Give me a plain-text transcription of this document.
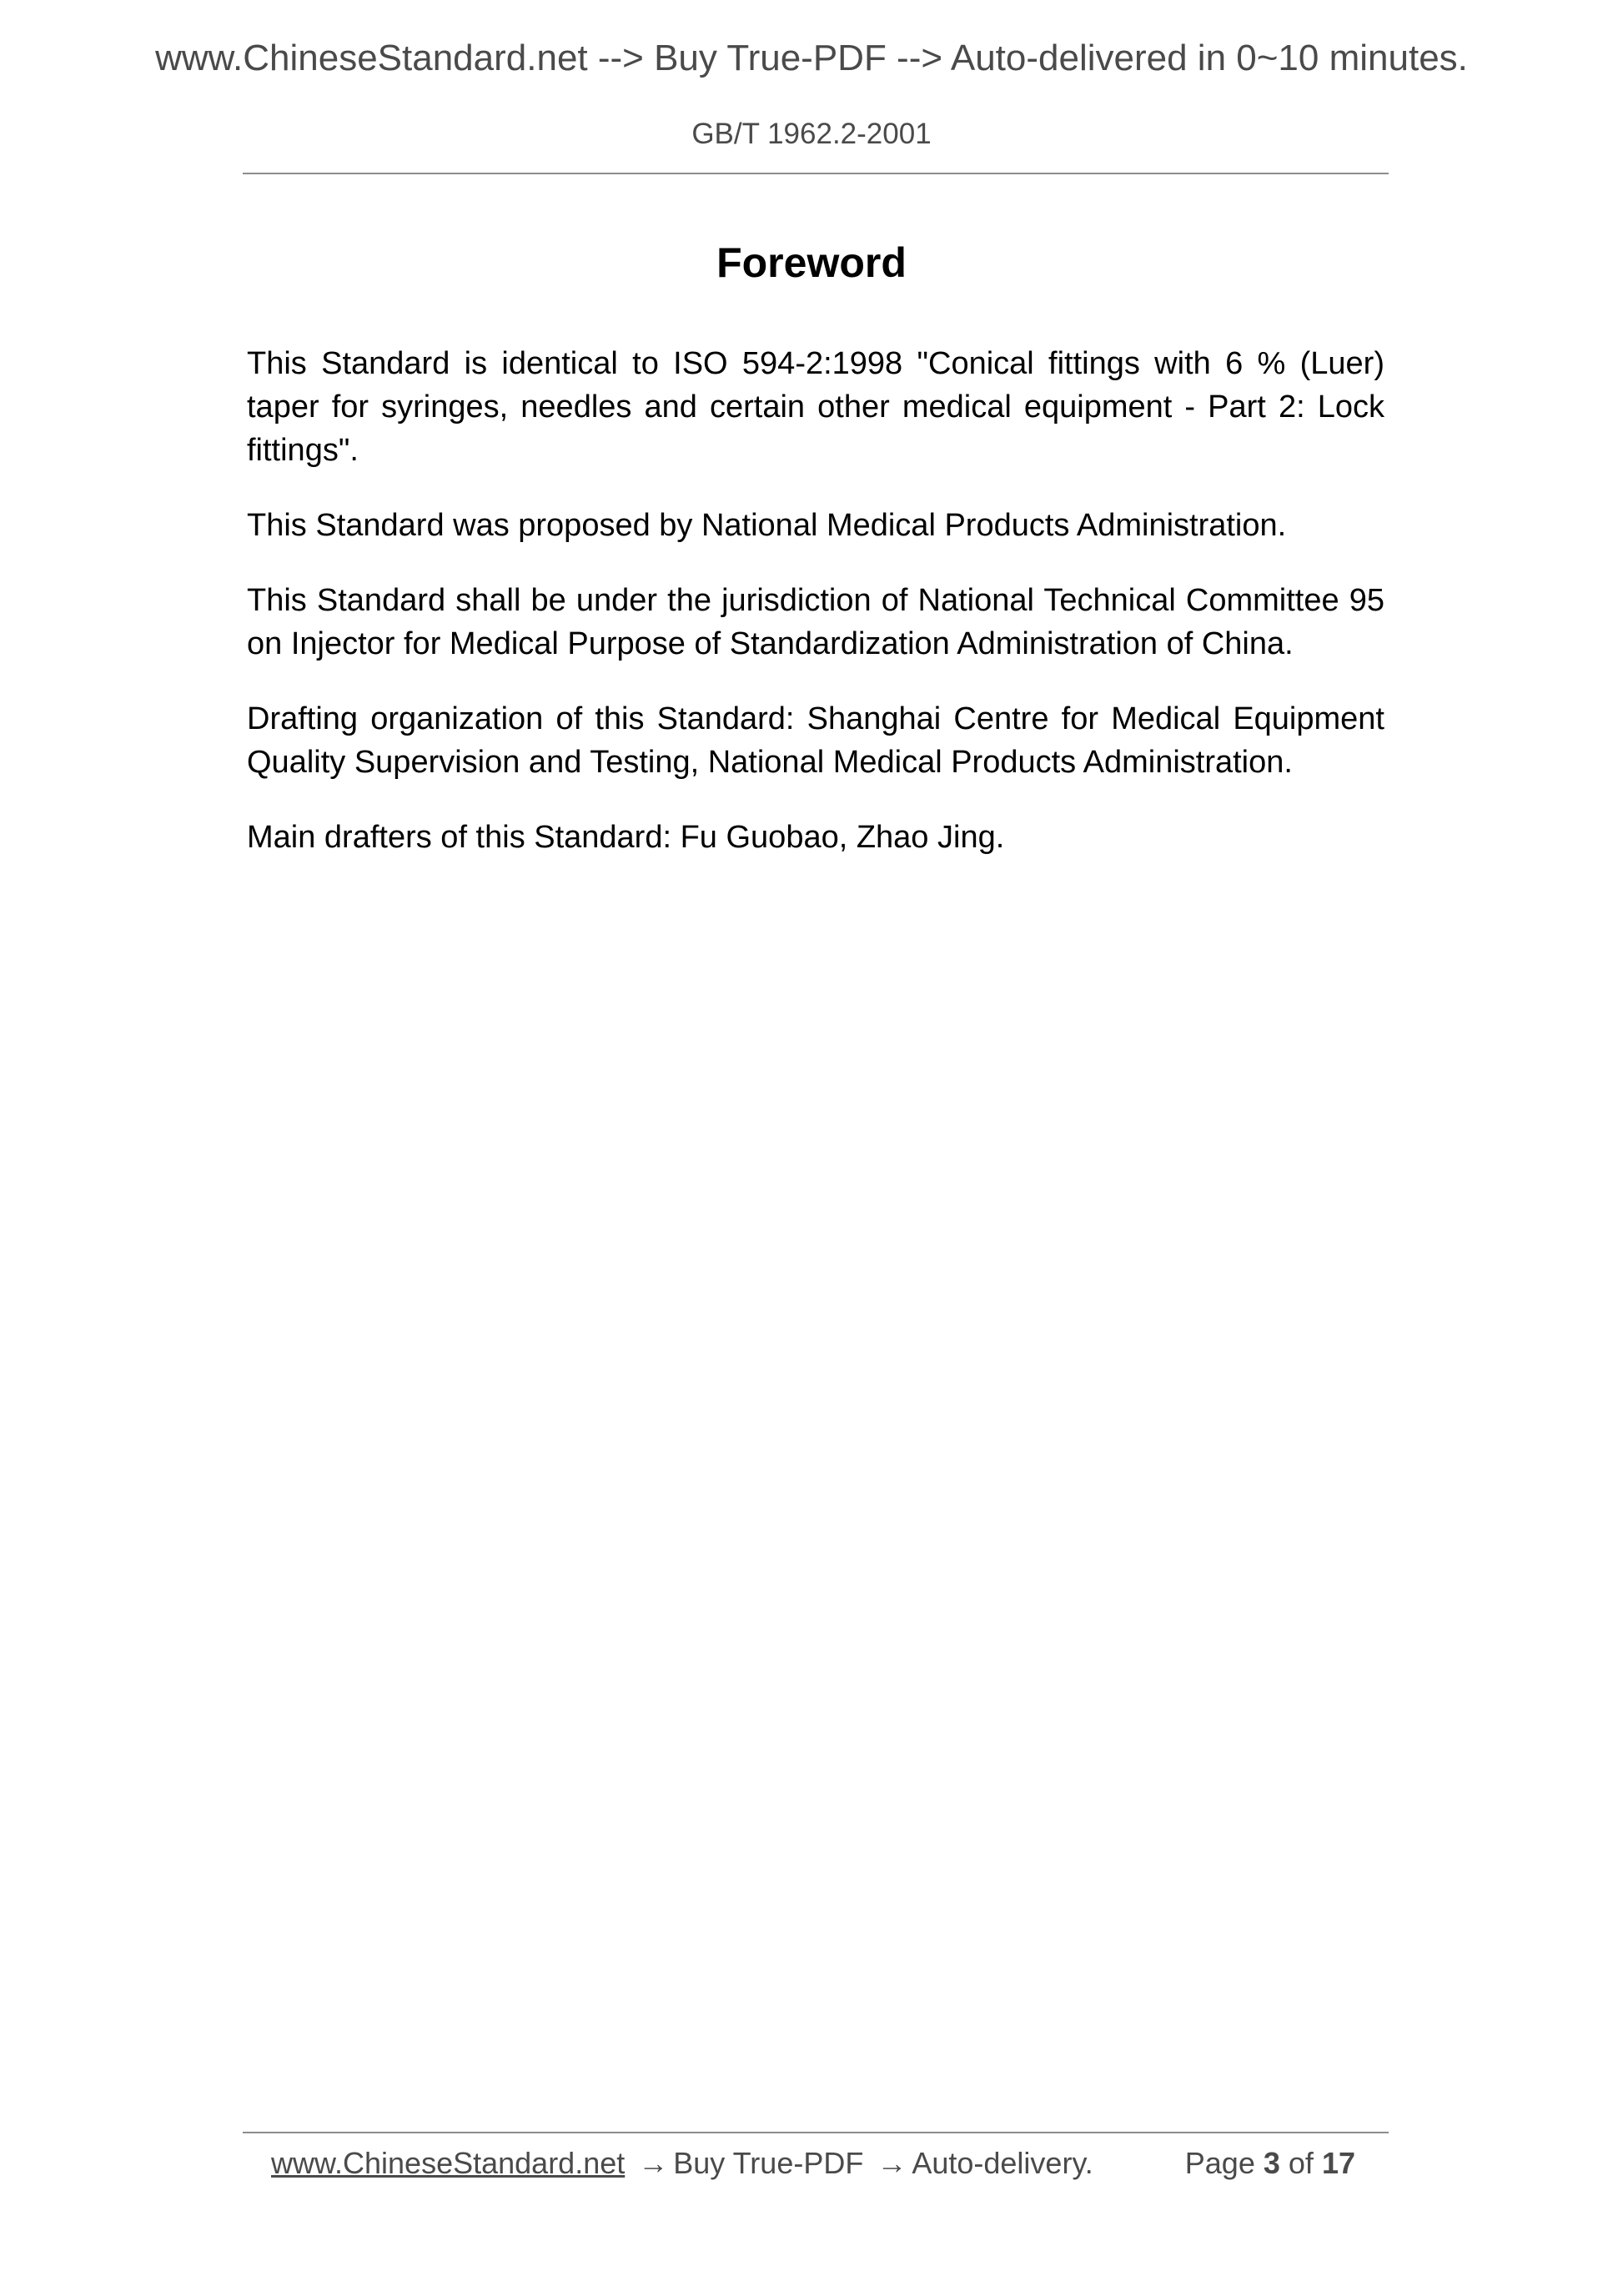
www.ChineseStandard.net --> Buy True-PDF --> Auto-delivered in 0~10 minutes.
GB/T 1962.2-2001
Foreword

This Standard is identical to ISO 594-2:1998 "Conical fittings with 6 % (Luer) taper for syringes, needles and certain other medical equipment - Part 2: Lock fittings".

This Standard was proposed by National Medical Products Administration.

This Standard shall be under the jurisdiction of National Technical Committee 95 on Injector for Medical Purpose of Standardization Administration of China.

Drafting organization of this Standard: Shanghai Centre for Medical Equipment Quality Supervision and Testing, National Medical Products Administration.

Main drafters of this Standard: Fu Guobao, Zhao Jing.

www.ChineseStandard.net → Buy True-PDF → Auto-delivery.	Page 3 of 17
